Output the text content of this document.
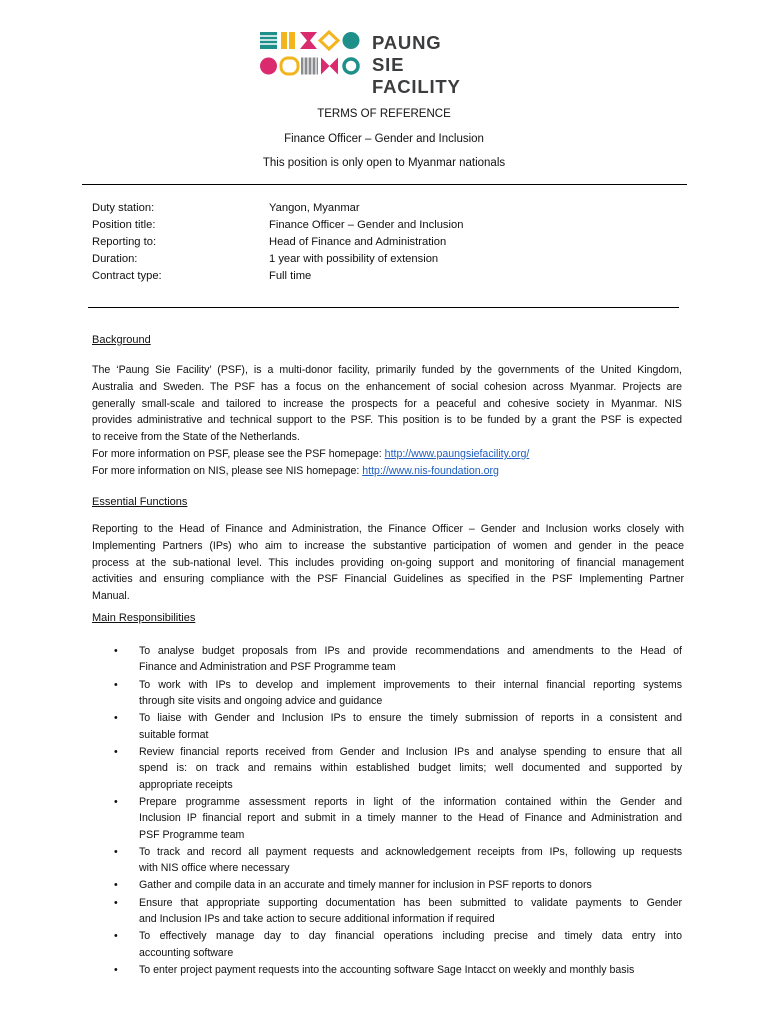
PAUNG SIE
FACILITY
TERMS OF REFERENCE
Finance Officer – Gender and Inclusion
This position is only open to Myanmar nationals
Duty station:	Yangon, Myanmar
Position title:	Finance Officer – Gender and Inclusion
Reporting to:	Head of Finance and Administration
Duration:	1 year with possibility of extension
Contract type:	Full time
Background
The ‘Paung Sie Facility’ (PSF), is a multi-donor facility, primarily funded by the governments of the United Kingdom,
Australia and Sweden. The PSF has a focus on the enhancement of social cohesion across Myanmar. Projects are
generally small-scale and tailored to increase the prospects for a peaceful and cohesive society in Myanmar. NIS
provides administrative and technical support to the PSF. This position is to be funded by a grant the PSF is expected
to receive from the State of the Netherlands.
For more information on PSF, please see the PSF homepage: http://www.paungsiefacility.org/
For more information on NIS, please see NIS homepage: http://www.nis-foundation.org
Essential Functions
Reporting to the Head of Finance and Administration, the Finance Officer – Gender and Inclusion works closely with
Implementing Partners (IPs) who aim to increase the substantive participation of women and gender in the peace
process at the sub-national level. This includes providing on-going support and monitoring of financial management
activities and ensuring compliance with the PSF Financial Guidelines as specified in the PSF Implementing Partner
Manual.
Main Responsibilities
• To analyse budget proposals from IPs and provide recommendations and amendments to the Head of
Finance and Administration and PSF Programme team
• To work with IPs to develop and implement improvements to their internal financial reporting systems
through site visits and ongoing advice and guidance
• To liaise with Gender and Inclusion IPs to ensure the timely submission of reports in a consistent and
suitable format
• Review financial reports received from Gender and Inclusion IPs and analyse spending to ensure that all
spend is: on track and remains within established budget limits; well documented and supported by
appropriate receipts
• Prepare programme assessment reports in light of the information contained within the Gender and
Inclusion IP financial report and submit in a timely manner to the Head of Finance and Administration and
PSF Programme team
• To track and record all payment requests and acknowledgement receipts from IPs, following up requests
with NIS office where necessary
• Gather and compile data in an accurate and timely manner for inclusion in PSF reports to donors
• Ensure that appropriate supporting documentation has been submitted to validate payments to Gender
and Inclusion IPs and take action to secure additional information if required
• To effectively manage day to day financial operations including precise and timely data entry into
accounting software
• To enter project payment requests into the accounting software Sage Intacct on weekly and monthly basis
